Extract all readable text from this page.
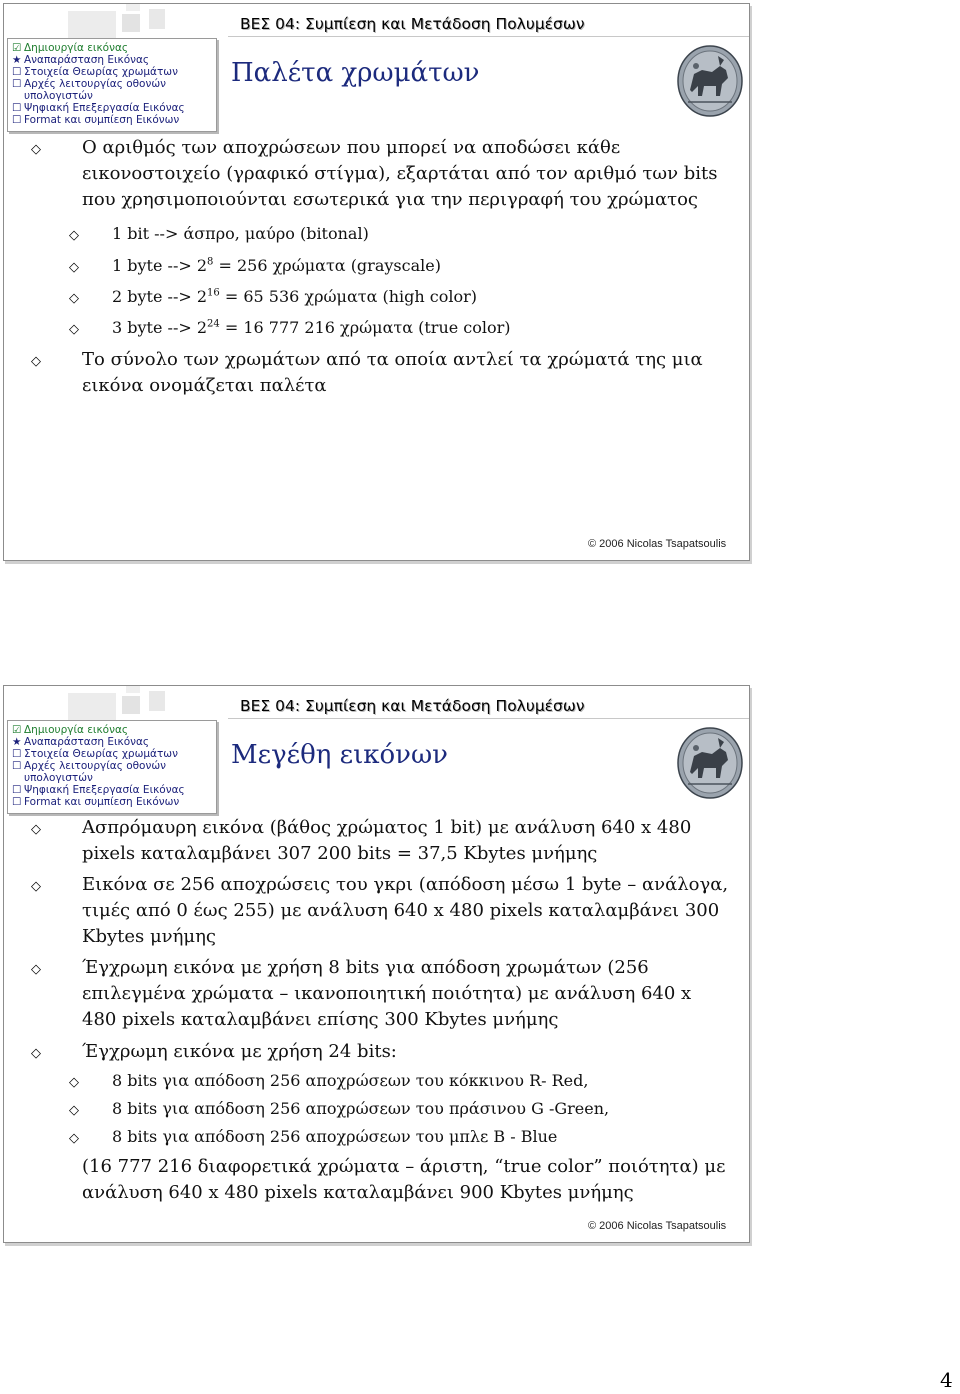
ΒΕΣ 04: Συμπίεση και Μετάδοση Πολυμέσων
☑ Δημιουργία εικόνας
★ Αναπαράσταση Εικόνας
☐ Στοιχεία Θεωρίας χρωμάτων
☐ Αρχές λειτουργίας οθονών
υπολογιστών
☐ Ψηφιακή Επεξεργασία Εικόνας
☐ Format και συμπίεση Εικόνων
Παλέτα χρωμάτων
◇ Ο αριθμός των αποχρώσεων που μπορεί να αποδώσει κάθε
εικονοστοιχείο (γραφικό στίγμα), εξαρτάται από τον αριθμό των bits
που χρησιμοποιούνται εσωτερικά για την περιγραφή του χρώματος
◇ 1 bit --> άσπρο, μαύρο (bitonal)
◇ 1 byte --> $2^8 = 256$ χρώματα (grayscale)
◇ 2 byte --> $2^{16} = 65$ 536 χρώματα (high color)
◇ 3 byte --> $2^{24} = 16$ 777 216 χρώματα (true color)
◇ Το σύνολο των χρωμάτων από τα οποία αντλεί τα χρώματά της μια
εικόνα ονομάζεται παλέτα
© 2006 Nicolas Tsapatsoulis
ΒΕΣ 04: Συμπίεση και Μετάδοση Πολυμέσων
☑ Δημιουργία εικόνας
★ Αναπαράσταση Εικόνας
☐ Στοιχεία Θεωρίας χρωμάτων
☐ Αρχές λειτουργίας οθονών
υπολογιστών
☐ Ψηφιακή Επεξεργασία Εικόνας
☐ Format και συμπίεση Εικόνων
Μεγέθη εικόνων
◇ Ασπρόμαυρη εικόνα (βάθος χρώματος 1 bit) με ανάλυση 640 x 480
pixels καταλαμβάνει 307 200 bits = 37,5 Kbytes μνήμης
◇ Εικόνα σε 256 αποχρώσεις του γκρι (απόδοση μέσω 1 byte – ανάλογα,
τιμές από 0 έως 255) με ανάλυση 640 x 480 pixels καταλαμβάνει 300
Kbytes μνήμης
◇ Έγχρωμη εικόνα με χρήση 8 bits για απόδοση χρωμάτων (256
επιλεγμένα χρώματα – ικανοποιητική ποιότητα) με ανάλυση 640 x
480 pixels καταλαμβάνει επίσης 300 Kbytes μνήμης
◇ Έγχρωμη εικόνα με χρήση 24 bits:
◇ 8 bits για απόδοση 256 αποχρώσεων του κόκκινου R- Red,
◇ 8 bits για απόδοση 256 αποχρώσεων του πράσινου G -Green,
◇ 8 bits για απόδοση 256 αποχρώσεων του μπλε B - Blue
(16 777 216 διαφορετικά χρώματα – άριστη, “true color” ποιότητα) με
ανάλυση 640 x 480 pixels καταλαμβάνει 900 Kbytes μνήμης
© 2006 Nicolas Tsapatsoulis
4
